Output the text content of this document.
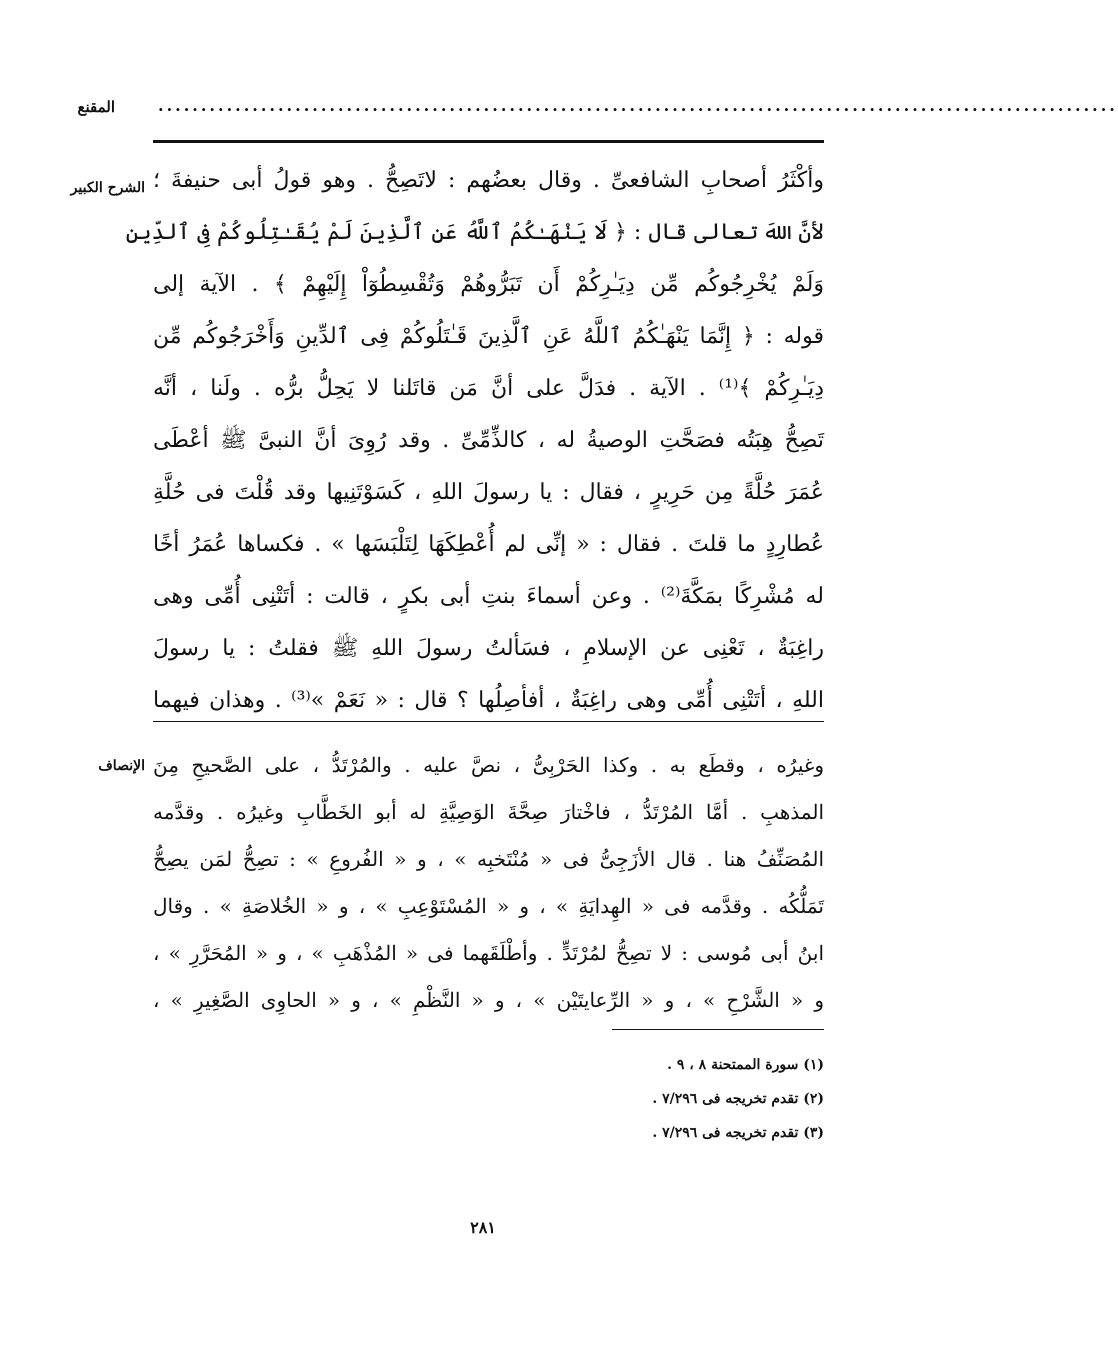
المقنع	................................................................................................................
الشرح الكبير وأكْثَرُ أصحابِ الشافعىِّ . وقال بعضُهم : لاتَصِحُّ . وهو قولُ أبى حنيفةَ ؛
لأنَّ اللهَ تعالى قال : ﴿ لَا يَنْهَـٰكُمُ ٱللَّهُ عَنِ ٱلَّذِينَ لَمْ يُقَـٰتِلُوكُمْ فِى ٱلدِّينِ
وَلَمْ يُخْرِجُوكُم مِّن دِيَـٰرِكُمْ أَن تَبَرُّوهُمْ وَتُقْسِطُوٓاْ إِلَيْهِمْ ﴾ . الآية إلى
قوله : ﴿ إِنَّمَا يَنْهَـٰكُمُ ٱللَّهُ عَنِ ٱلَّذِينَ قَـٰتَلُوكُمْ فِى ٱلدِّينِ وَأَخْرَجُوكُم مِّن
دِيَـٰرِكُمْ ﴾⁽¹⁾ . الآية . فدَلَّ على أنَّ مَن قاتَلنا لا يَحِلُّ برُّه . ولَنا ، أنَّه
تَصِحُّ هِبَتُه فصَحَّتِ الوصيةُ له ، كالذِّمِّىِّ . وقد رُوِىَ أنَّ النبىَّ ﷺ أعْطَى
عُمَرَ حُلَّةً مِن حَرِيرٍ ، فقال : يا رسولَ اللهِ ، كَسَوْتَنِيها وقد قُلْتَ فى حُلَّةِ
عُطارِدٍ ما قلتَ . فقال : « إنِّى لم أُعْطِكَهَا لِتَلْبَسَها » . فكساها عُمَرُ أخًا
له مُشْرِكًا بمَكَّةَ⁽²⁾ . وعن أسماءَ بنتِ أبى بكرٍ ، قالت : أتَتْنِى أُمِّى وهى
راغِبَةٌ ، تَعْنِى عن الإسلامِ ، فسَألتُ رسولَ اللهِ ﷺ فقلتُ : يا رسولَ
اللهِ ، أتَتْنِى أُمِّى وهى راغِبَةٌ ، أفأصِلُها ؟ قال : « نَعَمْ »⁽³⁾ . وهذان فيهما
الإنصاف وغيرُه ، وقطَع به . وكذا الحَرْبِىُّ ، نصَّ عليه . والمُرْتَدُّ ، على الصَّحيحِ مِنَ
المذهبِ . أمَّا المُرْتَدُّ ، فاخْتارَ صِحَّةَ الوَصِيَّةِ له أبو الخَطَّابِ وغيرُه . وقدَّمه
المُصَنِّفُ هنا . قال الأزَجِىُّ فى « مُنْتَخبِه » ، و « الفُروعِ » : تصِحُّ لمَن يصِحُّ
تَمَلُّكُه . وقدَّمه فى « الهِدايَةِ » ، و « المُسْتَوْعِبِ » ، و « الخُلاصَةِ » . وقال
ابنُ أبى مُوسى : لا تصِحُّ لمُرْتَدٍّ . وأطْلَقَهما فى « المُذْهَبِ » ، و « المُحَرَّرِ » ،
و « الشَّرْحِ » ، و « الرِّعايتَيْن » ، و « النَّظْمِ » ، و « الحاوِى الصَّغِيرِ » ،
(١) سورة الممتحنة ٨ ، ٩ .
(٢) تقدم تخريجه فى ٧/٢٩٦ .
(٣) تقدم تخريجه فى ٧/٢٩٦ .
٢٨١
